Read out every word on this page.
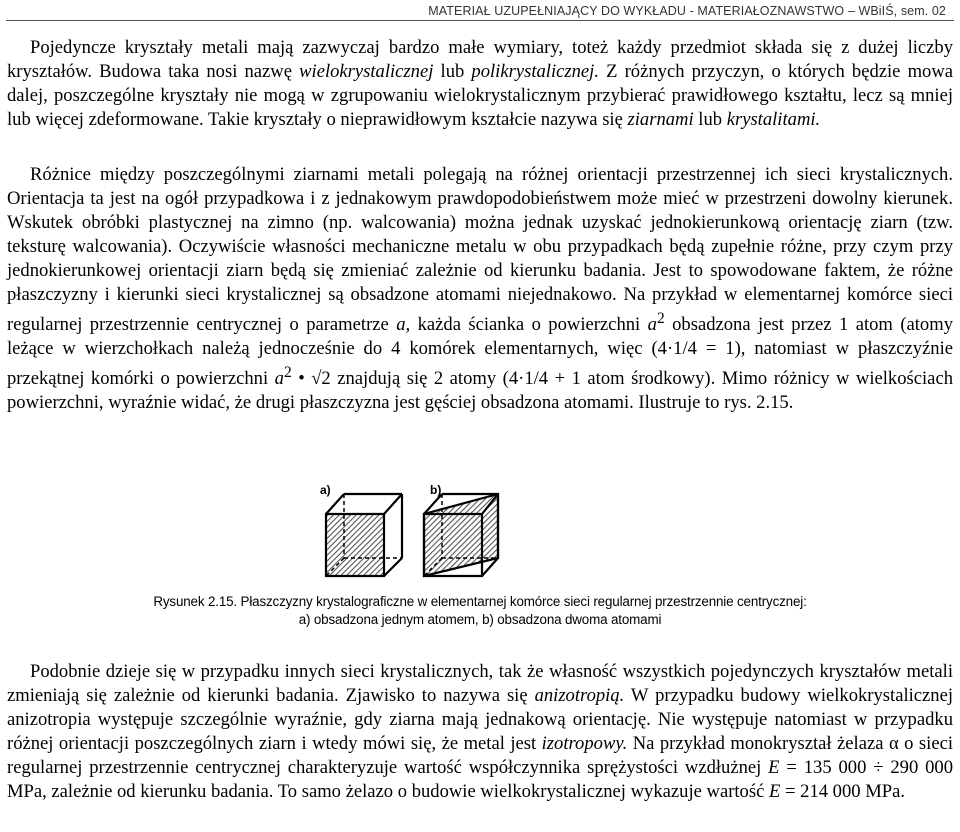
MATERIAŁ UZUPEŁNIAJĄCY DO WYKŁADU - MATERIAŁOZNAWSTWO – WBiIŚ, sem. 02

Pojedyncze kryształy metali mają zazwyczaj bardzo małe wymiary, toteż każdy przedmiot składa się z dużej liczby kryształów. Budowa taka nosi nazwę wielokrystalicznej lub polikrystalicznej. Z różnych przyczyn, o których będzie mowa dalej, poszczególne kryształy nie mogą w zgrupowaniu wielokrystalicznym przybierać prawidłowego kształtu, lecz są mniej lub więcej zdeformowane. Takie kryształy o nieprawidłowym kształcie nazywa się ziarnami lub krystalitami.

Różnice między poszczególnymi ziarnami metali polegają na różnej orientacji przestrzennej ich sieci krystalicznych. Orientacja ta jest na ogół przypadkowa i z jednakowym prawdopodobieństwem może mieć w przestrzeni dowolny kierunek. Wskutek obróbki plastycznej na zimno (np. walcowania) można jednak uzyskać jednokierunkową orientację ziarn (tzw. teksturę walcowania). Oczywiście własności mechaniczne metalu w obu przypadkach będą zupełnie różne, przy czym przy jednokierunkowej orientacji ziarn będą się zmieniać zależnie od kierunku badania. Jest to spowodowane faktem, że różne płaszczyzny i kierunki sieci krystalicznej są obsadzone atomami niejednakowo. Na przykład w elementarnej komórce sieci regularnej przestrzennie centrycznej o parametrze a, każda ścianka o powierzchni $a^2$ obsadzona jest przez 1 atom (atomy leżące w wierzchołkach należą jednocześnie do 4 komórek elementarnych, więc (4·1/4 = 1), natomiast w płaszczyźnie przekątnej komórki o powierzchni $a^2$ • √2 znajdują się 2 atomy (4·1/4 + 1 atom środkowy). Mimo różnicy w wielkościach powierzchni, wyraźnie widać, że drugi płaszczyzna jest gęściej obsadzona atomami. Ilustruje to rys. 2.15.

a)	b)
Rysunek 2.15. Płaszczyzny krystalograficzne w elementarnej komórce sieci regularnej przestrzennie centrycznej:
a) obsadzona jednym atomem, b) obsadzona dwoma atomami

Podobnie dzieje się w przypadku innych sieci krystalicznych, tak że własność wszystkich pojedynczych kryształów metali zmieniają się zależnie od kierunki badania. Zjawisko to nazywa się anizotropią. W przypadku budowy wielkokrystalicznej anizotropia występuje szczególnie wyraźnie, gdy ziarna mają jednakową orientację. Nie występuje natomiast w przypadku różnej orientacji poszczególnych ziarn i wtedy mówi się, że metal jest izotropowy. Na przykład monokryształ żelaza α o sieci regularnej przestrzennie centrycznej charakteryzuje wartość współczynnika sprężystości wzdłużnej E = 135 000 ÷ 290 000 MPa, zależnie od kierunku badania. To samo żelazo o budowie wielkokrystalicznej wykazuje wartość E = 214 000 MPa.
